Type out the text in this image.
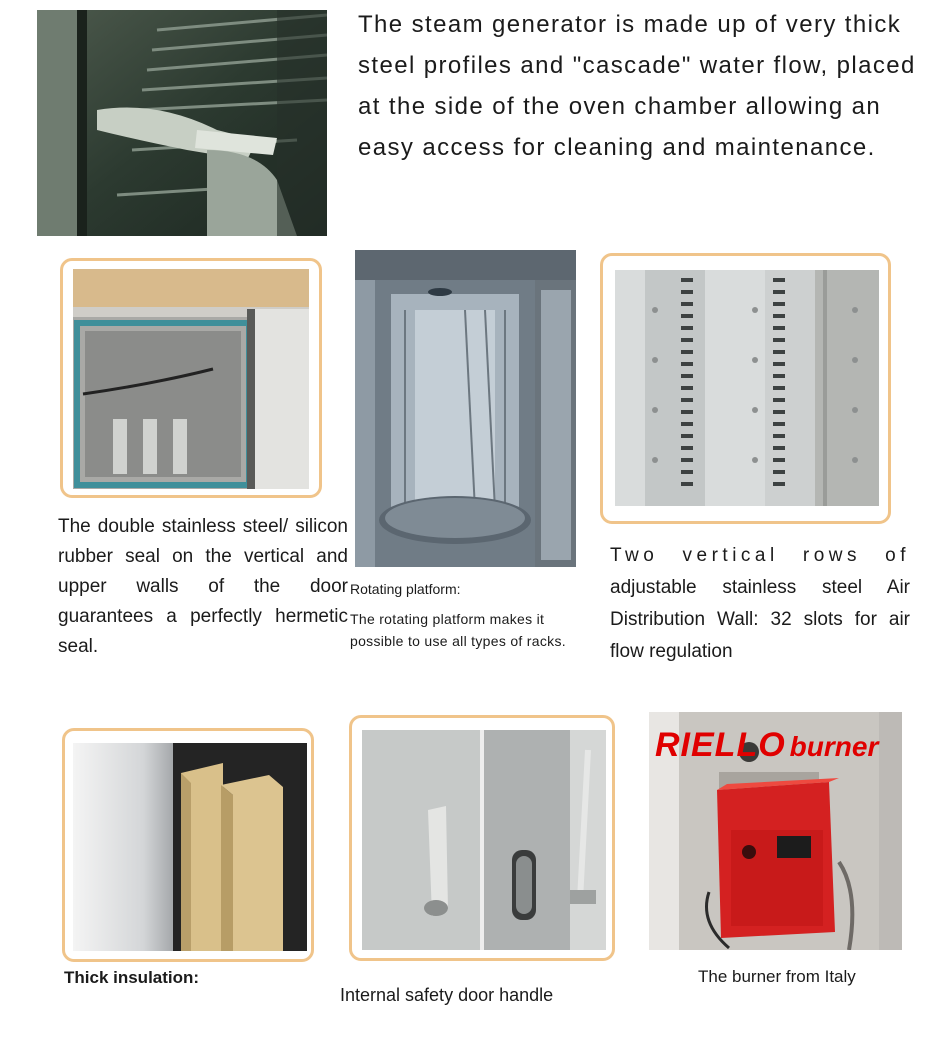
The steam generator is made up of very thick steel profiles and "cascade" water flow, placed at the side of the oven chamber allowing an easy access for cleaning and maintenance.
The double stainless steel/ silicon rubber seal on the vertical and upper walls of the door guarantees a perfectly hermetic seal.
Rotating platform:
The rotating platform makes it possible to use all types of racks.
Two vertical rows of adjustable stainless steel Air Distribution Wall: 32 slots for air flow regulation
Thick insulation:
Internal safety door handle
RIELLO burner
The burner from Italy
